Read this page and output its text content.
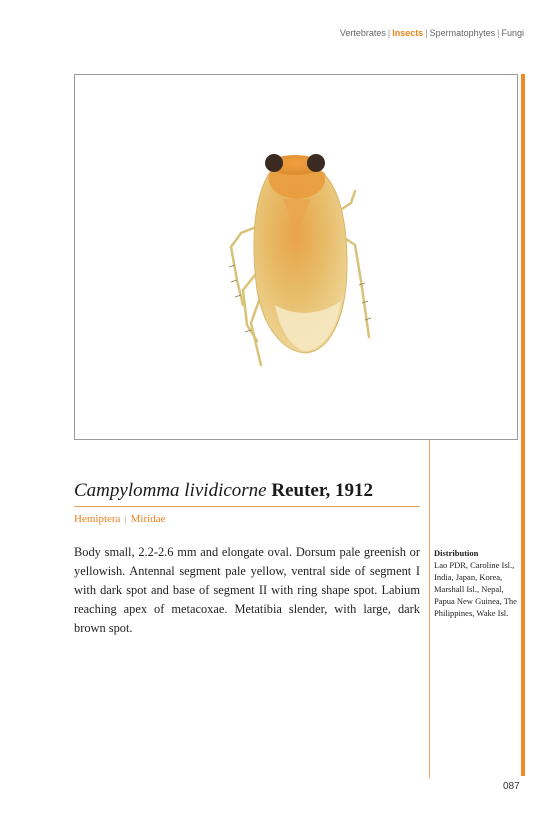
Vertebrates | Insects | Spermatophytes | Fungi
Campylomma lividicorne Reuter, 1912
Hemiptera | Miridae
Body small, 2.2-2.6 mm and elongate oval. Dorsum pale greenish or yellowish. Antennal segment pale yellow, ventral side of segment I with dark spot and base of segment II with ring shape spot. Labium reaching apex of metacoxae. Metatibia slender, with large, dark brown spot.
Distribution
Lao PDR, Caroline Isl., India, Japan, Korea, Marshall Isl., Nepal, Papua New Guinea, The Philippines, Wake Isl.
087
